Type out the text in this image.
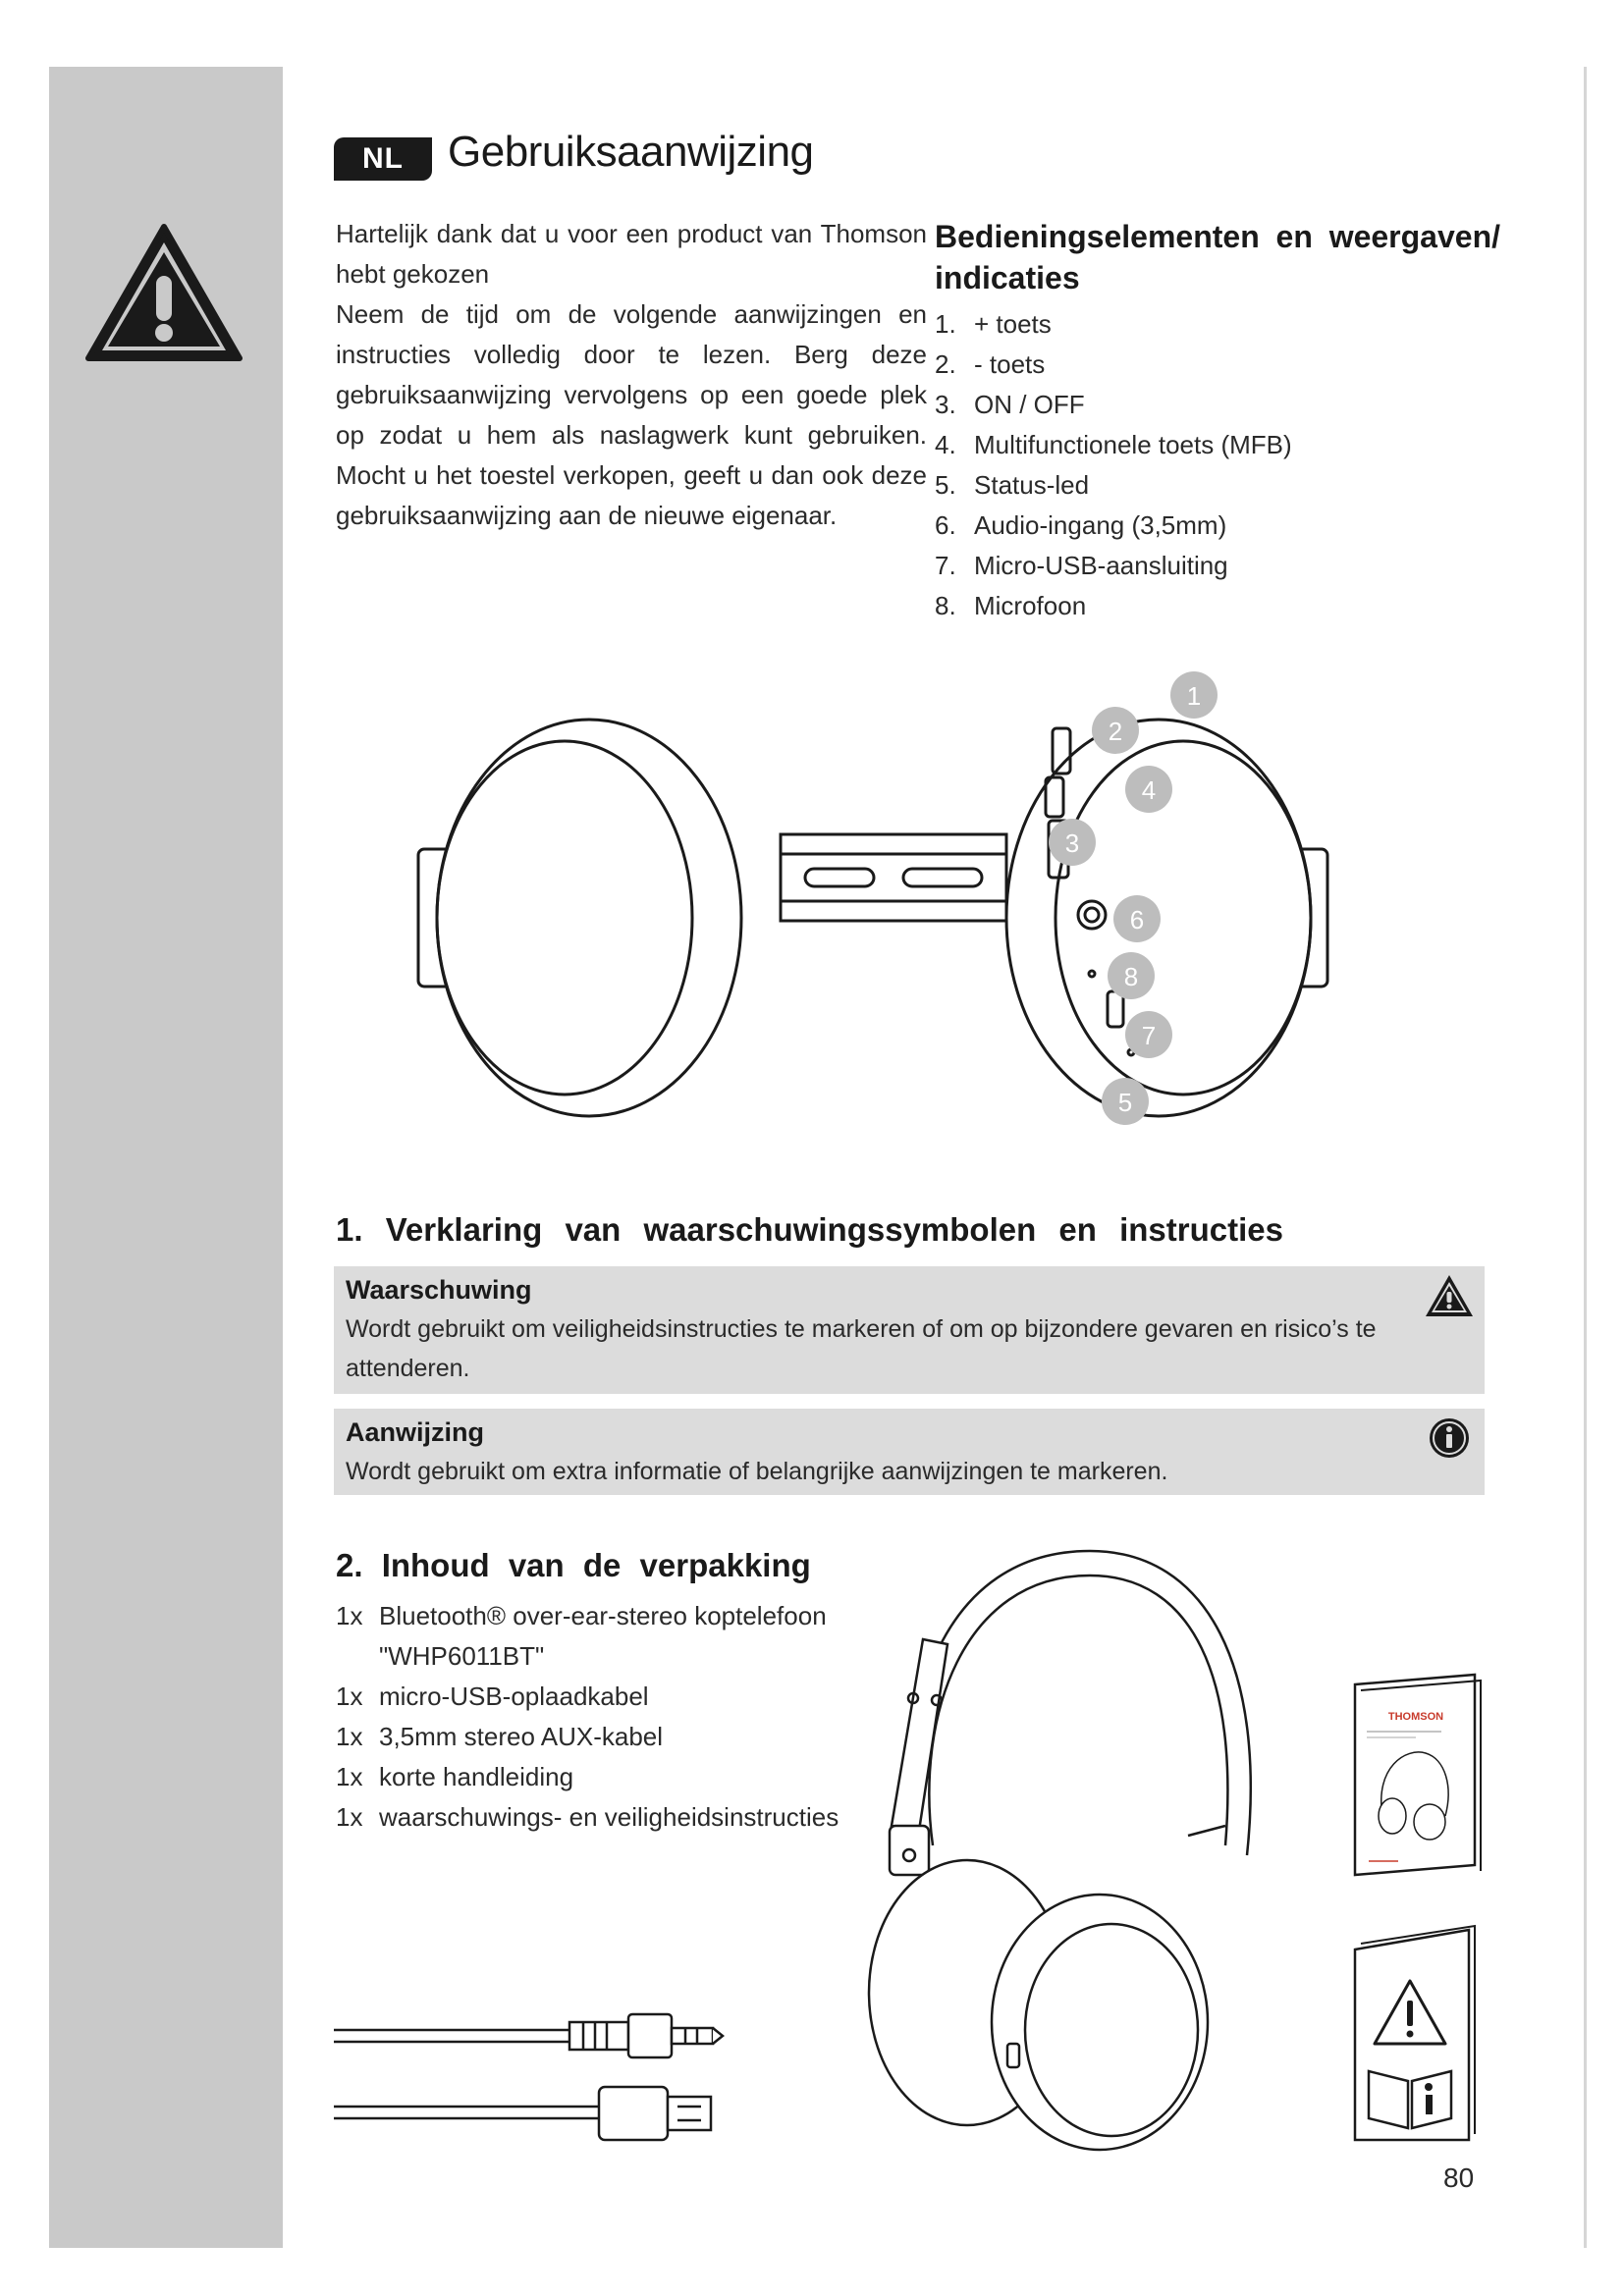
NL	Gebruiksaanwijzing

Hartelijk dank dat u voor een product van Thomson hebt gekozen

Neem de tijd om de volgende aanwijzingen en instructies volledig door te lezen. Berg deze gebruiksaanwijzing vervolgens op een goede plek op zodat u hem als naslagwerk kunt gebruiken. Mocht u het toestel verkopen, geeft u dan ook deze gebruiksaanwijzing aan de nieuwe eigenaar.

Bedieningselementen en weergaven/ indicaties
1. + toets
2. - toets
3. ON / OFF
4. Multifunctionele toets (MFB)
5. Status-led
6. Audio-ingang (3,5mm)
7. Micro-USB-aansluiting
8. Microfoon
1
2
3
4
5
6
7
8
1. Verklaring van waarschuwingssymbolen en instructies
Waarschuwing
Wordt gebruikt om veiligheidsinstructies te markeren of om op bijzondere gevaren en risico’s te attenderen.
Aanwijzing
Wordt gebruikt om extra informatie of belangrijke aanwijzingen te markeren.
2. Inhoud van de verpakking
1x Bluetooth® over-ear-stereo koptelefoon
"WHP6011BT"
1x micro-USB-oplaadkabel
1x 3,5mm stereo AUX-kabel
1x korte handleiding
1x waarschuwings- en veiligheidsinstructies
THOMSON
80
